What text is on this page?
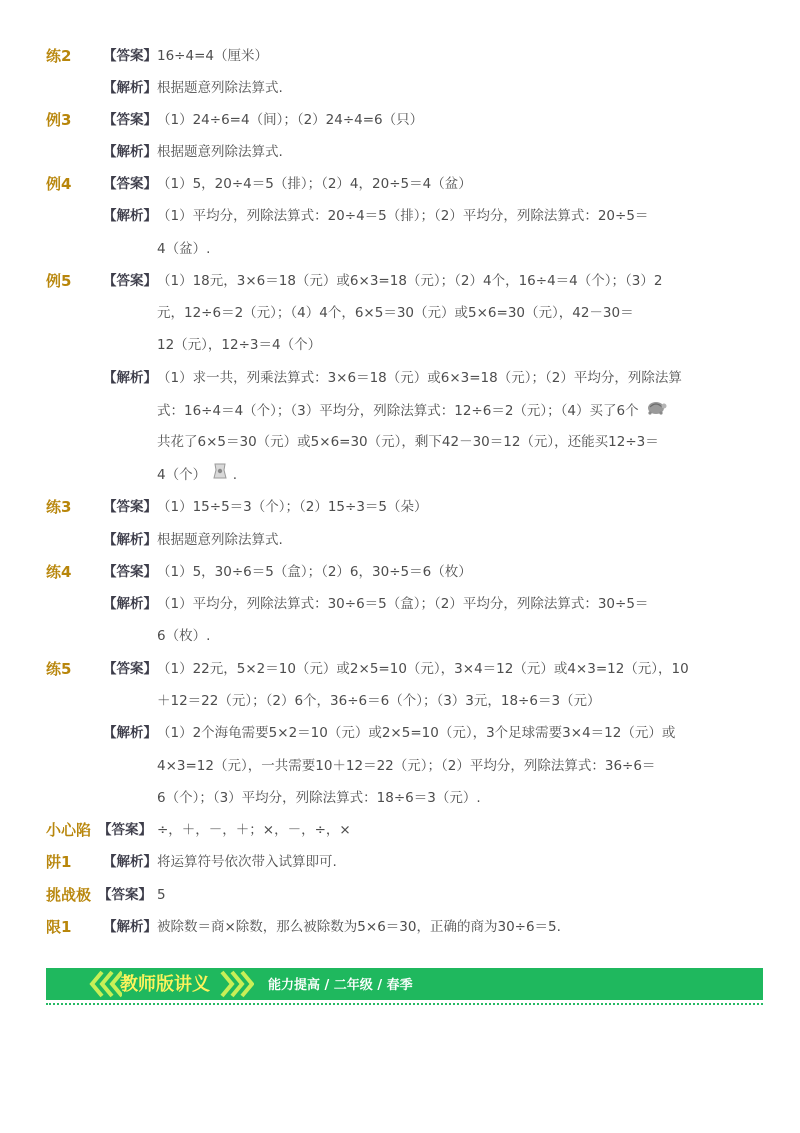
练2 【答案】 16÷4=4（厘米）
【解析】 根据题意列除法算式.
例3 【答案】 （1）24÷6=4（间）；（2）24÷4=6（只）
【解析】 根据题意列除法算式.
例4 【答案】 （1）5，20÷4＝5（排）；（2）4，20÷5＝4（盆）
【解析】 （1）平均分，列除法算式：20÷4＝5（排）；（2）平均分，列除法算式：20÷5＝
4（盆）.
例5 【答案】 （1）18元，3×6＝18（元）或6×3=18（元）；（2）4个，16÷4＝4（个）；（3）2
元，12÷6＝2（元）；（4）4个，6×5＝30（元）或5×6=30（元），42－30＝
12（元），12÷3＝4（个）
【解析】 （1）求一共，列乘法算式：3×6＝18（元）或6×3=18（元）；（2）平均分，列除法算
式：16÷4＝4（个）；（3）平均分，列除法算式：12÷6＝2（元）；（4）买了6个
共花了6×5＝30（元）或5×6=30（元），剩下42－30＝12（元），还能买12÷3＝
4（个） .
练3 【答案】 （1）15÷5＝3（个）；（2）15÷3＝5（朵）
【解析】 根据题意列除法算式.
练4 【答案】 （1）5，30÷6＝5（盒）；（2）6，30÷5＝6（枚）
【解析】 （1）平均分，列除法算式：30÷6＝5（盒）；（2）平均分，列除法算式：30÷5＝
6（枚）.
练5 【答案】 （1）22元，5×2＝10（元）或2×5=10（元），3×4＝12（元）或4×3=12（元），10
＋12＝22（元）；（2）6个，36÷6＝6（个）；（3）3元，18÷6＝3（元）
【解析】 （1）2个海龟需要5×2＝10（元）或2×5=10（元），3个足球需要3×4＝12（元）或
4×3=12（元），一共需要10＋12＝22（元）；（2）平均分，列除法算式：36÷6＝
6（个）；（3）平均分，列除法算式：18÷6＝3（元）.
小心陷 【答案】 ÷，＋，－，＋；×，－，÷，×
阱1 【解析】 将运算符号依次带入试算即可.
挑战极 【答案】 5
限1 【解析】 被除数＝商×除数，那么被除数为5×6＝30，正确的商为30÷6＝5.
教师版讲义	能力提高 / 二年级 / 春季
